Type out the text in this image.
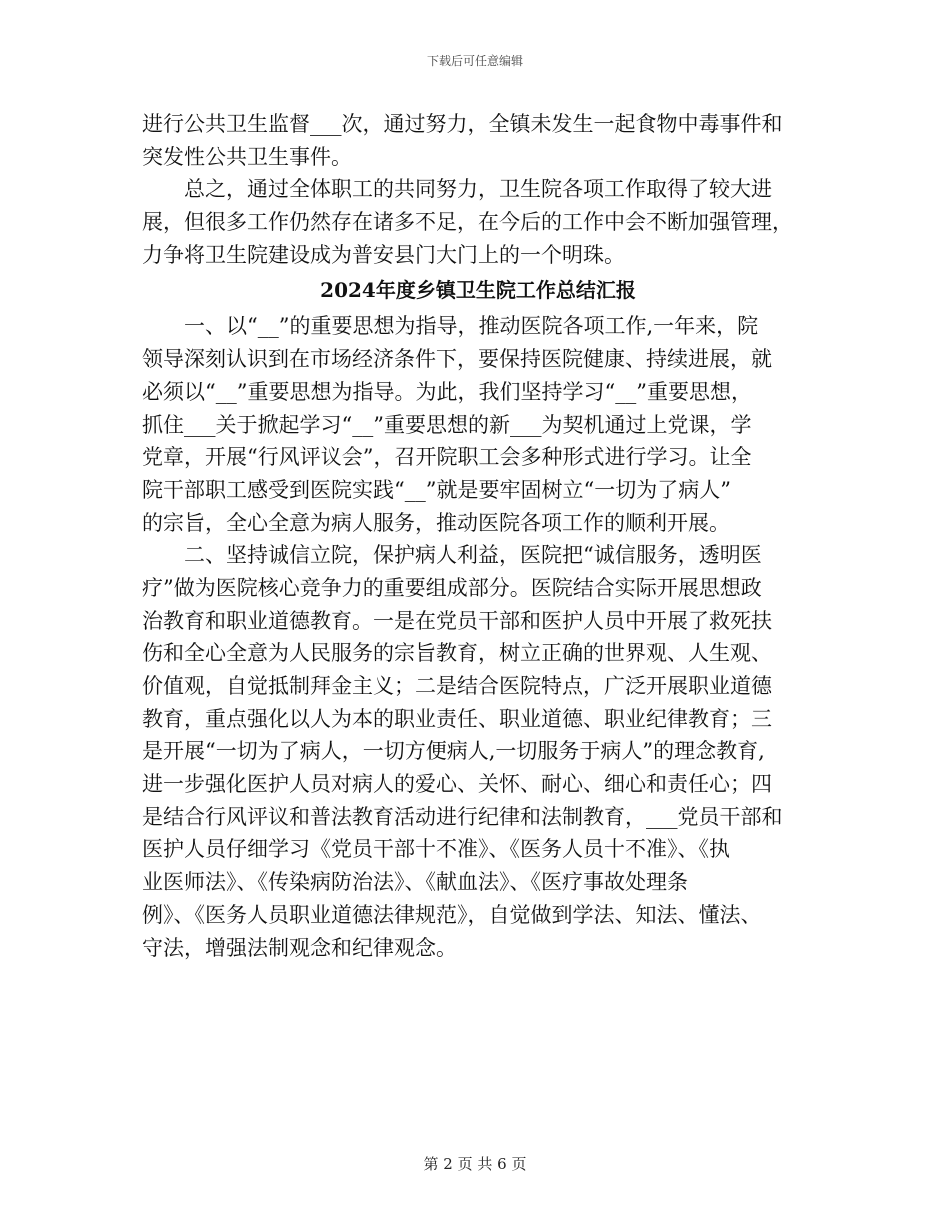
下载后可任意编辑
进行公共卫生监督___次，通过努力，全镇未发生一起食物中毒事件和
突发性公共卫生事件。
总之，通过全体职工的共同努力，卫生院各项工作取得了较大进
展，但很多工作仍然存在诸多不足，在今后的工作中会不断加强管理，
力争将卫生院建设成为普安县门大门上的一个明珠。
2024年度乡镇卫生院工作总结汇报
一、以“__”的重要思想为指导，推动医院各项工作,一年来，院
领导深刻认识到在市场经济条件下，要保持医院健康、持续进展，就
必须以“__”重要思想为指导。为此，我们坚持学习“__”重要思想，
抓住___关于掀起学习“__”重要思想的新___为契机通过上党课，学
党章，开展“行风评议会”，召开院职工会多种形式进行学习。让全
院干部职工感受到医院实践“__”就是要牢固树立“一切为了病人”
的宗旨，全心全意为病人服务，推动医院各项工作的顺利开展。
二、坚持诚信立院，保护病人利益，医院把“诚信服务，透明医
疗”做为医院核心竞争力的重要组成部分。医院结合实际开展思想政
治教育和职业道德教育。一是在党员干部和医护人员中开展了救死扶
伤和全心全意为人民服务的宗旨教育，树立正确的世界观、人生观、
价值观，自觉抵制拜金主义；二是结合医院特点，广泛开展职业道德
教育，重点强化以人为本的职业责任、职业道德、职业纪律教育；三
是开展“一切为了病人，一切方便病人,一切服务于病人”的理念教育,
进一步强化医护人员对病人的爱心、关怀、耐心、细心和责任心；四
是结合行风评议和普法教育活动进行纪律和法制教育，___党员干部和
医护人员仔细学习《党员干部十不准》、《医务人员十不准》、《执
业医师法》、《传染病防治法》、《献血法》、《医疗事故处理条
例》、《医务人员职业道德法律规范》，自觉做到学法、知法、懂法、
守法，增强法制观念和纪律观念。
第 2 页 共 6 页
